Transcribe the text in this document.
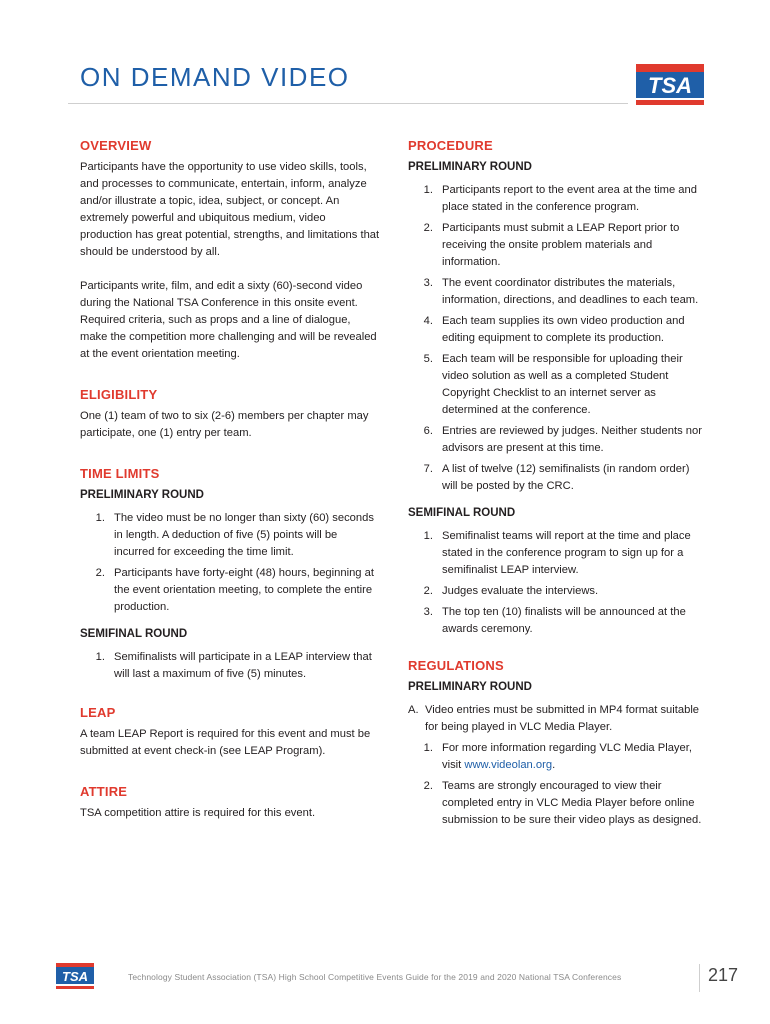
ON DEMAND VIDEO	TSA
OVERVIEW

Participants have the opportunity to use video skills, tools, and processes to communicate, entertain, inform, analyze and/or illustrate a topic, idea, subject, or concept. An extremely powerful and ubiquitous medium, video production has great potential, strengths, and limitations that should be understood by all.

Participants write, film, and edit a sixty (60)-second video during the National TSA Conference in this onsite event. Required criteria, such as props and a line of dialogue, make the competition more challenging and will be revealed at the event orientation meeting.

ELIGIBILITY

One (1) team of two to six (2-6) members per chapter may participate, one (1) entry per team.

TIME LIMITS
PRELIMINARY ROUND
1. The video must be no longer than sixty (60) seconds in length. A deduction of five (5) points will be incurred for exceeding the time limit.
2. Participants have forty-eight (48) hours, beginning at the event orientation meeting, to complete the entire production.
SEMIFINAL ROUND
1. Semifinalists will participate in a LEAP interview that will last a maximum of five (5) minutes.
LEAP

A team LEAP Report is required for this event and must be submitted at event check-in (see LEAP Program).

ATTIRE

TSA competition attire is required for this event.

PROCEDURE
PRELIMINARY ROUND
1. Participants report to the event area at the time and place stated in the conference program.
2. Participants must submit a LEAP Report prior to receiving the onsite problem materials and information.
3. The event coordinator distributes the materials, information, directions, and deadlines to each team.
4. Each team supplies its own video production and editing equipment to complete its production.
5. Each team will be responsible for uploading their video solution as well as a completed Student Copyright Checklist to an internet server as determined at the conference.
6. Entries are reviewed by judges. Neither students nor advisors are present at this time.
7. A list of twelve (12) semifinalists (in random order) will be posted by the CRC.
SEMIFINAL ROUND
1. Semifinalist teams will report at the time and place stated in the conference program to sign up for a semifinalist LEAP interview.
2. Judges evaluate the interviews.
3. The top ten (10) finalists will be announced at the awards ceremony.
REGULATIONS
PRELIMINARY ROUND
A. Video entries must be submitted in MP4 format suitable for being played in VLC Media Player.
1. For more information regarding VLC Media Player, visit www.videolan.org.
2. Teams are strongly encouraged to view their completed entry in VLC Media Player before online submission to be sure their video plays as designed.
TSA	Technology Student Association (TSA) High School Competitive Events Guide for the 2019 and 2020 National TSA Conferences	217
